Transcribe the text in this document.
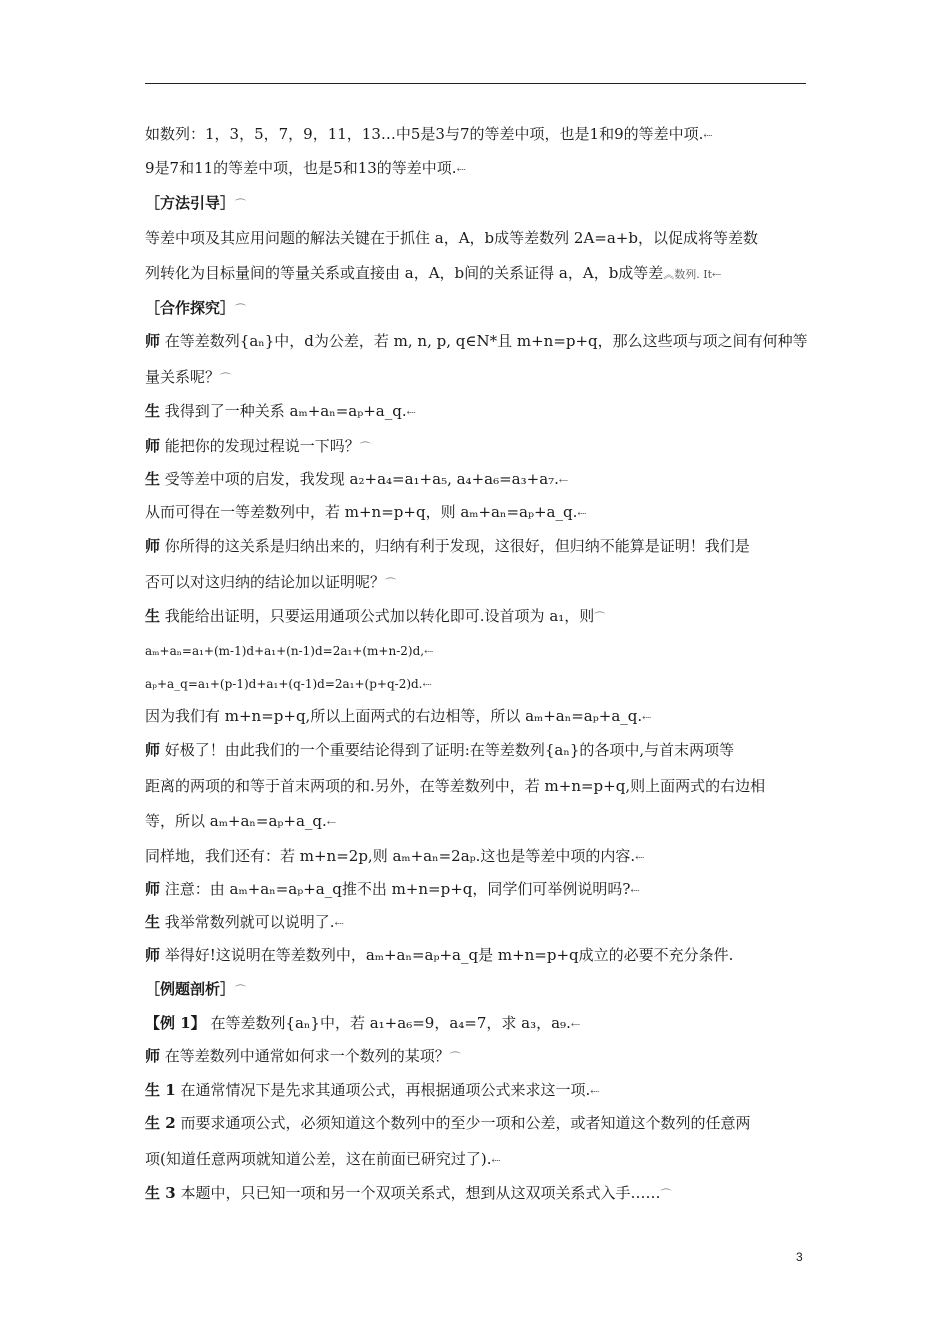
如数列：1，3，5，7，9，11，13…中5是3与7的等差中项，也是1和9的等差中项.⇠
9是7和11的等差中项，也是5和13的等差中项.⇠
［方法引导］⌒
等差中项及其应用问题的解法关键在于抓住 a，A，b成等差数列 2A=a+b，以促成将等差数
列转化为目标量间的等量关系或直接由 a，A，b间的关系证得 a，A，b成等差︽数列. It⇠
［合作探究］⌒
师 在等差数列{aₙ}中，d为公差，若 m, n, p, q∈N*且 m+n=p+q，那么这些项与项之间有何种等
量关系呢？⌒
生 我得到了一种关系 aₘ+aₙ=aₚ+a_q.⇠
师 能把你的发现过程说一下吗？⌒
生 受等差中项的启发，我发现 a₂+a₄=a₁+a₅, a₄+a₆=a₃+a₇.⇠
从而可得在一等差数列中，若 m+n=p+q，则 aₘ+aₙ=aₚ+a_q.⇠
师 你所得的这关系是归纳出来的，归纳有利于发现，这很好，但归纳不能算是证明！我们是
否可以对这归纳的结论加以证明呢？⌒
生 我能给出证明，只要运用通项公式加以转化即可.设首项为 a₁，则⌒
aₘ+aₙ=a₁+(m-1)d+a₁+(n-1)d=2a₁+(m+n-2)d,⇠
aₚ+a_q=a₁+(p-1)d+a₁+(q-1)d=2a₁+(p+q-2)d.⇠
因为我们有 m+n=p+q,所以上面两式的右边相等，所以 aₘ+aₙ=aₚ+a_q.⇠
师 好极了！由此我们的一个重要结论得到了证明:在等差数列{aₙ}的各项中,与首末两项等
距离的两项的和等于首末两项的和.另外，在等差数列中，若 m+n=p+q,则上面两式的右边相
等，所以 aₘ+aₙ=aₚ+a_q.⇠
同样地，我们还有：若 m+n=2p,则 aₘ+aₙ=2aₚ.这也是等差中项的内容.⇠
师 注意：由 aₘ+aₙ=aₚ+a_q推不出 m+n=p+q，同学们可举例说明吗?⇠
生 我举常数列就可以说明了.⇠
师 举得好!这说明在等差数列中，aₘ+aₙ=aₚ+a_q是 m+n=p+q成立的必要不充分条件.
［例题剖析］⌒
【例 1】 在等差数列{aₙ}中，若 a₁+a₆=9，a₄=7，求 a₃，a₉.⇠
师 在等差数列中通常如何求一个数列的某项？⌒
生 1 在通常情况下是先求其通项公式，再根据通项公式来求这一项.⇠
生 2 而要求通项公式，必须知道这个数列中的至少一项和公差，或者知道这个数列的任意两
项(知道任意两项就知道公差，这在前面已研究过了).⇠
生 3 本题中，只已知一项和另一个双项关系式，想到从这双项关系式入手……⌒
3
